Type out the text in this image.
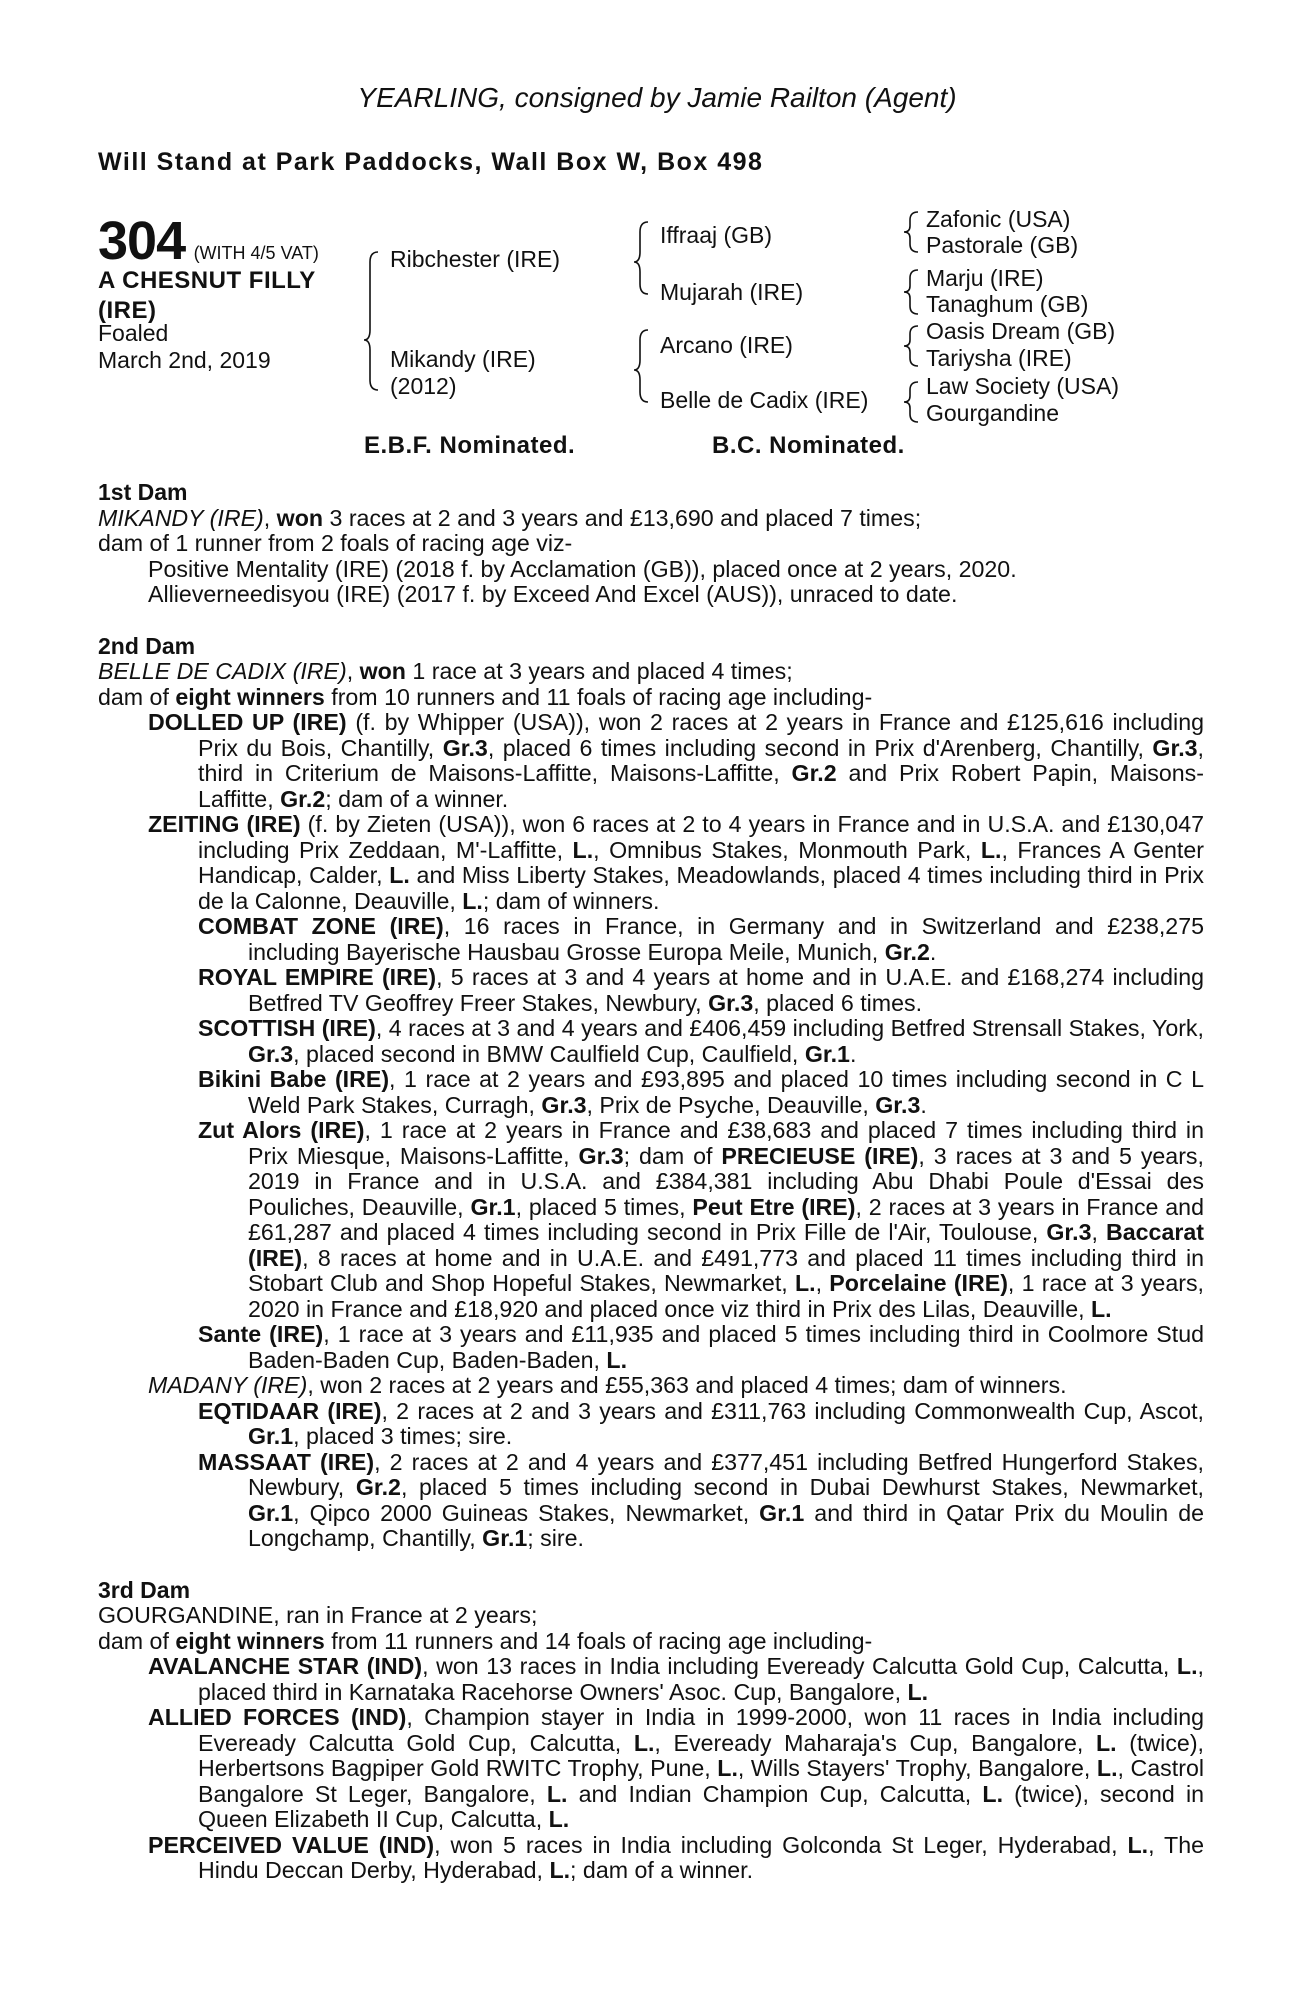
YEARLING, consigned by Jamie Railton (Agent)
Will Stand at Park Paddocks, Wall Box W, Box 498
304 (WITH 4/5 VAT)
A CHESNUT FILLY
(IRE)
Foaled
March 2nd, 2019
Ribchester (IRE)
Mikandy (IRE)
(2012)
Iffraaj (GB)
Mujarah (IRE)
Arcano (IRE)
Belle de Cadix (IRE)
Zafonic (USA)
Pastorale (GB)
Marju (IRE)
Tanaghum (GB)
Oasis Dream (GB)
Tariysha (IRE)
Law Society (USA)
Gourgandine
E.B.F. Nominated.	B.C. Nominated.

1st Dam

MIKANDY (IRE), won 3 races at 2 and 3 years and £13,690 and placed 7 times;

dam of 1 runner from 2 foals of racing age viz-

Positive Mentality (IRE) (2018 f. by Acclamation (GB)), placed once at 2 years, 2020.

Allieverneedisyou (IRE) (2017 f. by Exceed And Excel (AUS)), unraced to date.

2nd Dam

BELLE DE CADIX (IRE), won 1 race at 3 years and placed 4 times;

dam of eight winners from 10 runners and 11 foals of racing age including-

DOLLED UP (IRE) (f. by Whipper (USA)), won 2 races at 2 years in France and £125,616 including Prix du Bois, Chantilly, Gr.3, placed 6 times including second in Prix d'Arenberg, Chantilly, Gr.3, third in Criterium de Maisons-Laffitte, Maisons-Laffitte, Gr.2 and Prix Robert Papin, Maisons-Laffitte, Gr.2; dam of a winner.

ZEITING (IRE) (f. by Zieten (USA)), won 6 races at 2 to 4 years in France and in U.S.A. and £130,047 including Prix Zeddaan, M'-Laffitte, L., Omnibus Stakes, Monmouth Park, L., Frances A Genter Handicap, Calder, L. and Miss Liberty Stakes, Meadowlands, placed 4 times including third in Prix de la Calonne, Deauville, L.; dam of winners.

COMBAT ZONE (IRE), 16 races in France, in Germany and in Switzerland and £238,275 including Bayerische Hausbau Grosse Europa Meile, Munich, Gr.2.

ROYAL EMPIRE (IRE), 5 races at 3 and 4 years at home and in U.A.E. and £168,274 including Betfred TV Geoffrey Freer Stakes, Newbury, Gr.3, placed 6 times.

SCOTTISH (IRE), 4 races at 3 and 4 years and £406,459 including Betfred Strensall Stakes, York, Gr.3, placed second in BMW Caulfield Cup, Caulfield, Gr.1.

Bikini Babe (IRE), 1 race at 2 years and £93,895 and placed 10 times including second in C L Weld Park Stakes, Curragh, Gr.3, Prix de Psyche, Deauville, Gr.3.

Zut Alors (IRE), 1 race at 2 years in France and £38,683 and placed 7 times including third in Prix Miesque, Maisons-Laffitte, Gr.3; dam of PRECIEUSE (IRE), 3 races at 3 and 5 years, 2019 in France and in U.S.A. and £384,381 including Abu Dhabi Poule d'Essai des Pouliches, Deauville, Gr.1, placed 5 times, Peut Etre (IRE), 2 races at 3 years in France and £61,287 and placed 4 times including second in Prix Fille de l'Air, Toulouse, Gr.3, Baccarat (IRE), 8 races at home and in U.A.E. and £491,773 and placed 11 times including third in Stobart Club and Shop Hopeful Stakes, Newmarket, L., Porcelaine (IRE), 1 race at 3 years, 2020 in France and £18,920 and placed once viz third in Prix des Lilas, Deauville, L.

Sante (IRE), 1 race at 3 years and £11,935 and placed 5 times including third in Coolmore Stud Baden-Baden Cup, Baden-Baden, L.

MADANY (IRE), won 2 races at 2 years and £55,363 and placed 4 times; dam of winners.

EQTIDAAR (IRE), 2 races at 2 and 3 years and £311,763 including Commonwealth Cup, Ascot, Gr.1, placed 3 times; sire.

MASSAAT (IRE), 2 races at 2 and 4 years and £377,451 including Betfred Hungerford Stakes, Newbury, Gr.2, placed 5 times including second in Dubai Dewhurst Stakes, Newmarket, Gr.1, Qipco 2000 Guineas Stakes, Newmarket, Gr.1 and third in Qatar Prix du Moulin de Longchamp, Chantilly, Gr.1; sire.

3rd Dam

GOURGANDINE, ran in France at 2 years;

dam of eight winners from 11 runners and 14 foals of racing age including-

AVALANCHE STAR (IND), won 13 races in India including Eveready Calcutta Gold Cup, Calcutta, L., placed third in Karnataka Racehorse Owners' Asoc. Cup, Bangalore, L.

ALLIED FORCES (IND), Champion stayer in India in 1999-2000, won 11 races in India including Eveready Calcutta Gold Cup, Calcutta, L., Eveready Maharaja's Cup, Bangalore, L. (twice), Herbertsons Bagpiper Gold RWITC Trophy, Pune, L., Wills Stayers' Trophy, Bangalore, L., Castrol Bangalore St Leger, Bangalore, L. and Indian Champion Cup, Calcutta, L. (twice), second in Queen Elizabeth II Cup, Calcutta, L.

PERCEIVED VALUE (IND), won 5 races in India including Golconda St Leger, Hyderabad, L., The Hindu Deccan Derby, Hyderabad, L.; dam of a winner.
